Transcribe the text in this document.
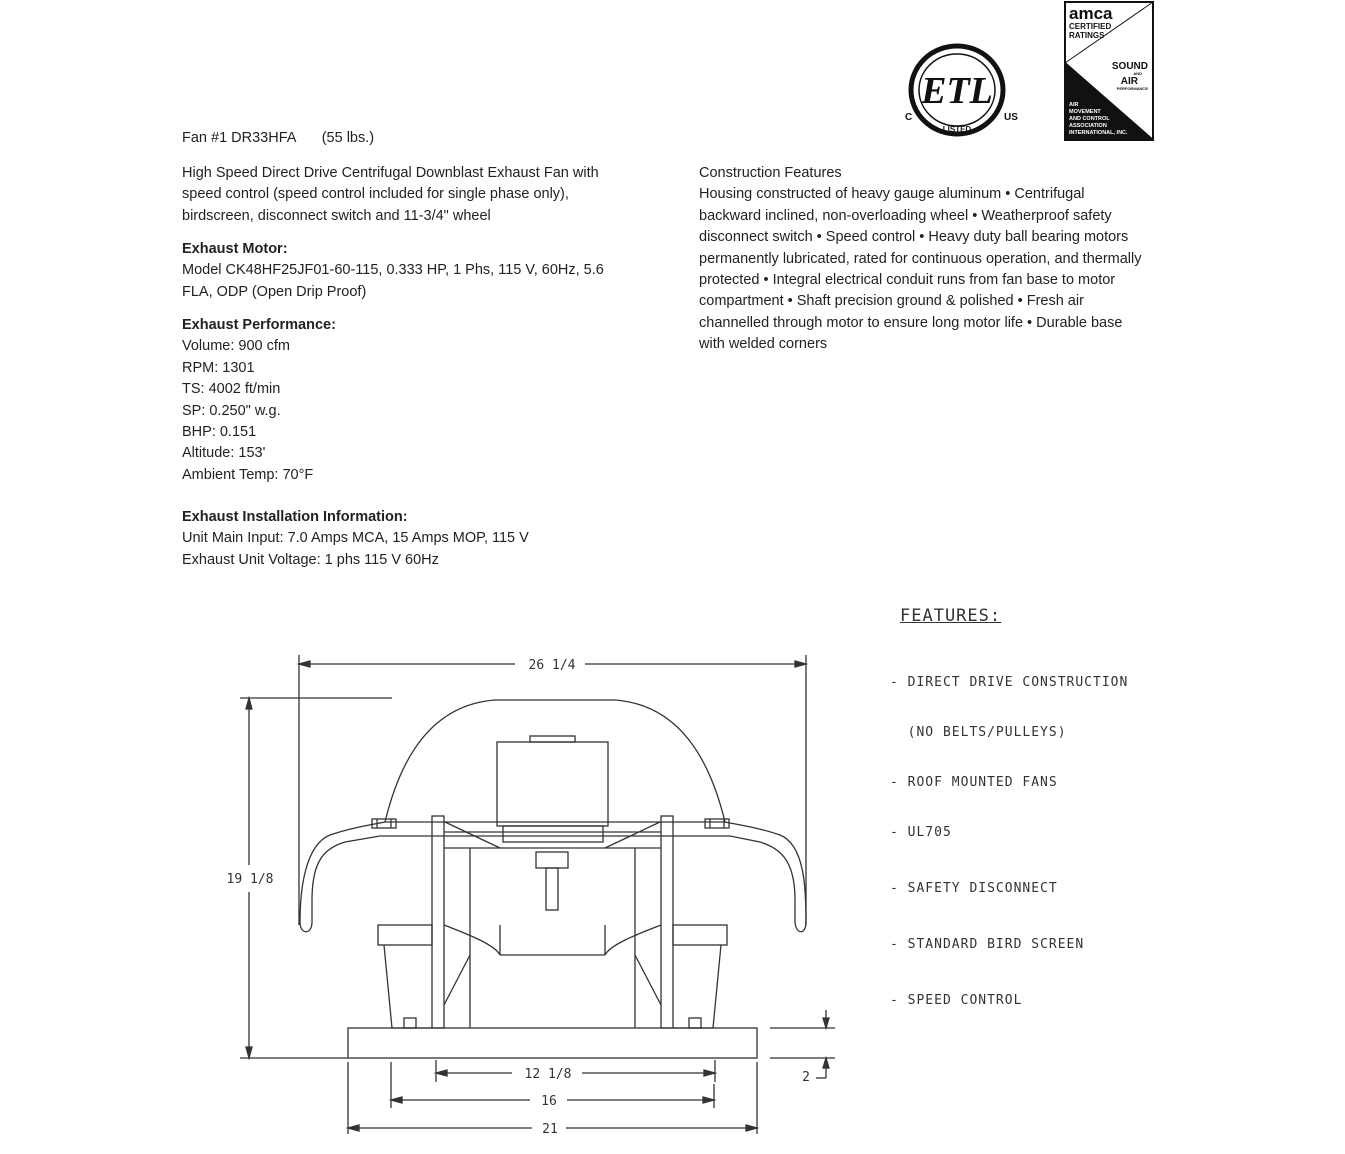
Fan #1 DR33HFA (55 lbs.)
High Speed Direct Drive Centrifugal Downblast Exhaust Fan with
speed control (speed control included for single phase only),
birdscreen, disconnect switch and 11-3/4" wheel
Exhaust Motor:
Model CK48HF25JF01-60-115, 0.333 HP, 1 Phs, 115 V, 60Hz, 5.6
FLA, ODP (Open Drip Proof)
Exhaust Performance:
Volume: 900 cfm
RPM: 1301
TS: 4002 ft/min
SP: 0.250" w.g.
BHP: 0.151
Altitude: 153'
Ambient Temp: 70°F
Exhaust Installation Information:
Unit Main Input: 7.0 Amps MCA, 15 Amps MOP, 115 V
Exhaust Unit Voltage: 1 phs 115 V 60Hz
Construction Features
Housing constructed of heavy gauge aluminum • Centrifugal
backward inclined, non-overloading wheel • Weatherproof safety
disconnect switch • Speed control • Heavy duty ball bearing motors
permanently lubricated, rated for continuous operation, and thermally
protected • Integral electrical conduit runs from fan base to motor
compartment • Shaft precision ground & polished • Fresh air
channelled through motor to ensure long motor life • Durable base
with welded corners
ETL
C	US
LISTED
amca
CERTIFIED
RATINGS
SOUND
AND
AIR
PERFORMANCE
AIR
MOVEMENT
AND CONTROL
ASSOCIATION
INTERNATIONAL, INC.
FEATURES:

- DIRECT DRIVE CONSTRUCTION

(NO BELTS/PULLEYS)

- ROOF MOUNTED FANS

- UL705

- SAFETY DISCONNECT

- STANDARD BIRD SCREEN

- SPEED CONTROL

26 1/4
19 1/8
2
12 1/8
16
21
